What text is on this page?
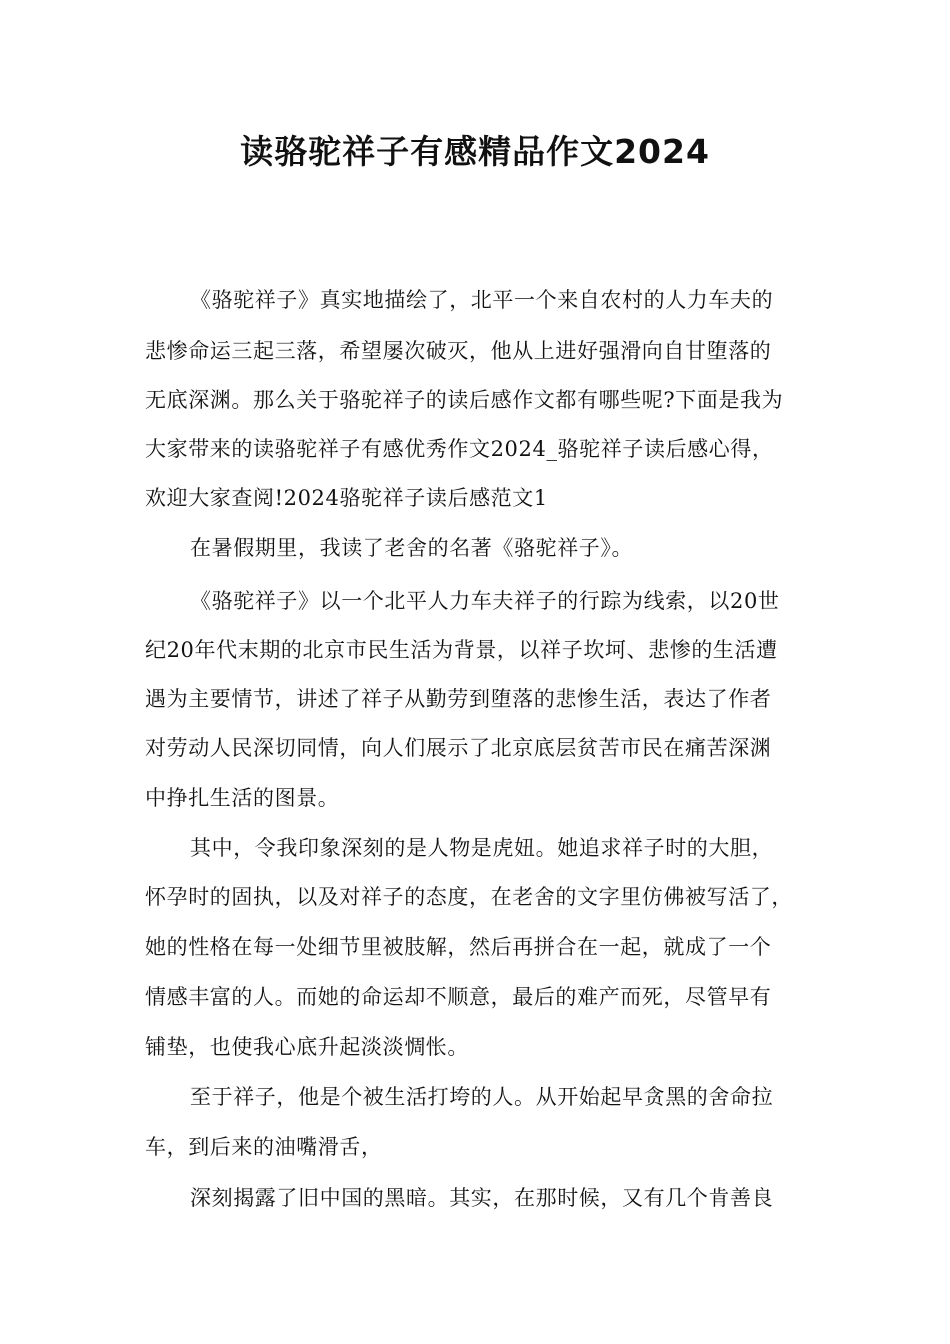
读骆驼祥子有感精品作文2024
《骆驼祥子》真实地描绘了，北平一个来自农村的人力车夫的
悲惨命运三起三落，希望屡次破灭，他从上进好强滑向自甘堕落的
无底深渊。那么关于骆驼祥子的读后感作文都有哪些呢?下面是我为
大家带来的读骆驼祥子有感优秀作文2024_骆驼祥子读后感心得，
欢迎大家查阅!2024骆驼祥子读后感范文1
在暑假期里，我读了老舍的名著《骆驼祥子》。
《骆驼祥子》以一个北平人力车夫祥子的行踪为线索，以20世
纪20年代末期的北京市民生活为背景，以祥子坎坷、悲惨的生活遭
遇为主要情节，讲述了祥子从勤劳到堕落的悲惨生活，表达了作者
对劳动人民深切同情，向人们展示了北京底层贫苦市民在痛苦深渊
中挣扎生活的图景。
其中，令我印象深刻的是人物是虎妞。她追求祥子时的大胆，
怀孕时的固执，以及对祥子的态度，在老舍的文字里仿佛被写活了，
她的性格在每一处细节里被肢解，然后再拼合在一起，就成了一个
情感丰富的人。而她的命运却不顺意，最后的难产而死，尽管早有
铺垫，也使我心底升起淡淡惆怅。
至于祥子，他是个被生活打垮的人。从开始起早贪黑的舍命拉
车，到后来的油嘴滑舌，
深刻揭露了旧中国的黑暗。其实，在那时候，又有几个肯善良
